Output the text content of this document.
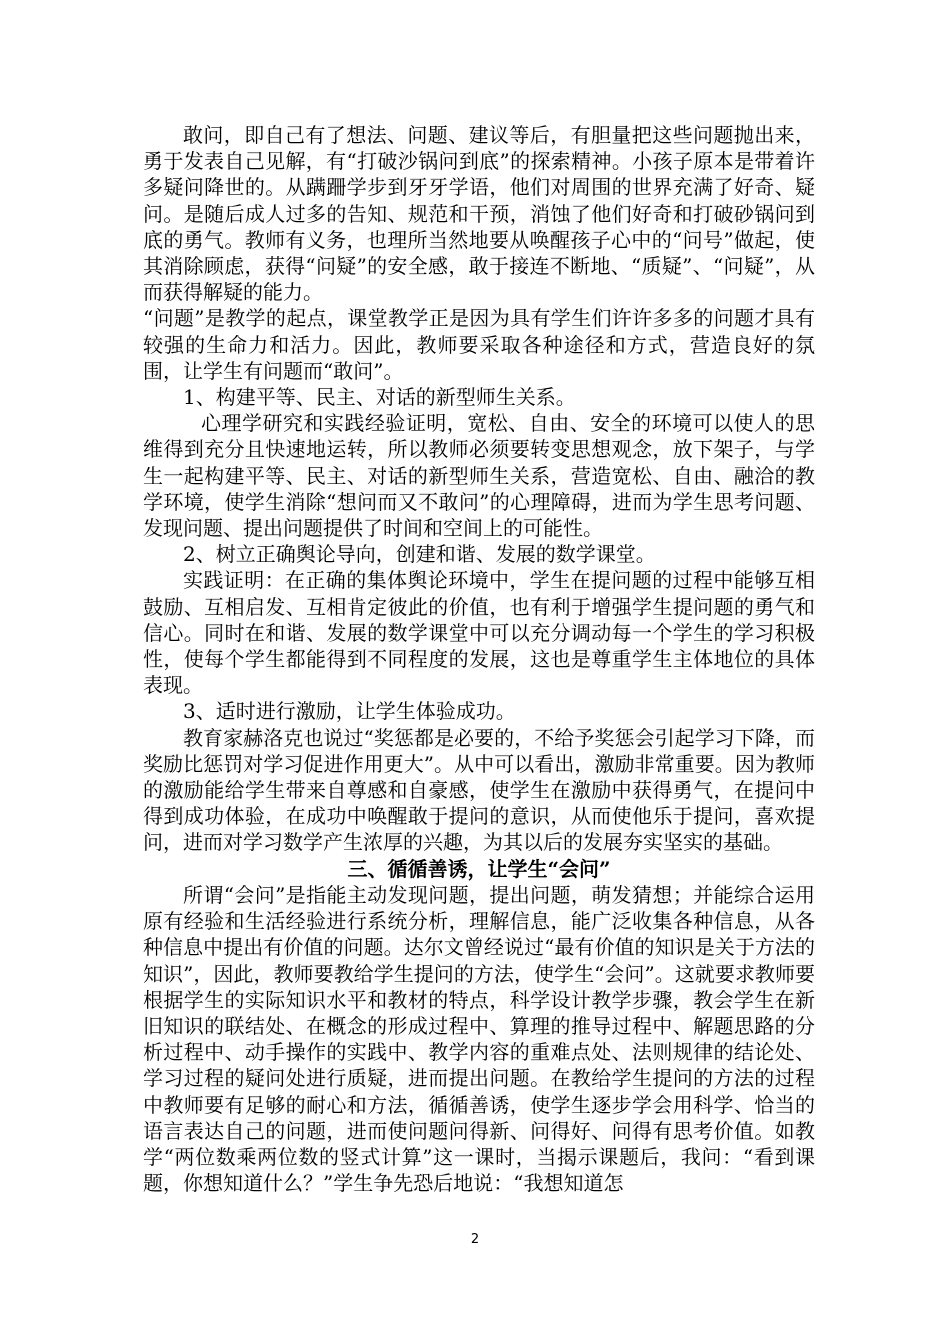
敢问，即自己有了想法、问题、建议等后，有胆量把这些问题抛出来，勇于发表自己见解，有“打破沙锅问到底”的探索精神。小孩子原本是带着许多疑问降世的。从蹒跚学步到牙牙学语，他们对周围的世界充满了好奇、疑问。是随后成人过多的告知、规范和干预，消蚀了他们好奇和打破砂锅问到底的勇气。教师有义务，也理所当然地要从唤醒孩子心中的“问号”做起，使其消除顾虑，获得“问疑”的安全感，敢于接连不断地、“质疑”、“问疑”，从而获得解疑的能力。

“问题”是教学的起点，课堂教学正是因为具有学生们许许多多的问题才具有较强的生命力和活力。因此，教师要采取各种途径和方式，营造良好的氛围，让学生有问题而“敢问”。

1、构建平等、民主、对话的新型师生关系。

心理学研究和实践经验证明，宽松、自由、安全的环境可以使人的思维得到充分且快速地运转，所以教师必须要转变思想观念，放下架子，与学生一起构建平等、民主、对话的新型师生关系，营造宽松、自由、融洽的教学环境，使学生消除“想问而又不敢问”的心理障碍，进而为学生思考问题、发现问题、提出问题提供了时间和空间上的可能性。

2、树立正确舆论导向，创建和谐、发展的数学课堂。

实践证明：在正确的集体舆论环境中，学生在提问题的过程中能够互相鼓励、互相启发、互相肯定彼此的价值，也有利于增强学生提问题的勇气和信心。同时在和谐、发展的数学课堂中可以充分调动每一个学生的学习积极性，使每个学生都能得到不同程度的发展，这也是尊重学生主体地位的具体表现。

3、适时进行激励，让学生体验成功。

教育家赫洛克也说过“奖惩都是必要的，不给予奖惩会引起学习下降，而奖励比惩罚对学习促进作用更大”。从中可以看出，激励非常重要。因为教师的激励能给学生带来自尊感和自豪感，使学生在激励中获得勇气，在提问中得到成功体验，在成功中唤醒敢于提问的意识，从而使他乐于提问，喜欢提问，进而对学习数学产生浓厚的兴趣，为其以后的发展夯实坚实的基础。

三、循循善诱，让学生“会问”

所谓“会问”是指能主动发现问题，提出问题，萌发猜想；并能综合运用原有经验和生活经验进行系统分析，理解信息，能广泛收集各种信息，从各种信息中提出有价值的问题。达尔文曾经说过“最有价值的知识是关于方法的知识”，因此，教师要教给学生提问的方法，使学生“会问”。这就要求教师要根据学生的实际知识水平和教材的特点，科学设计教学步骤，教会学生在新旧知识的联结处、在概念的形成过程中、算理的推导过程中、解题思路的分析过程中、动手操作的实践中、教学内容的重难点处、法则规律的结论处、学习过程的疑问处进行质疑，进而提出问题。在教给学生提问的方法的过程中教师要有足够的耐心和方法，循循善诱，使学生逐步学会用科学、恰当的语言表达自己的问题，进而使问题问得新、问得好、问得有思考价值。如教学“两位数乘两位数的竖式计算”这一课时，当揭示课题后，我问：“看到课题，你想知道什么？”学生争先恐后地说：“我想知道怎

2
